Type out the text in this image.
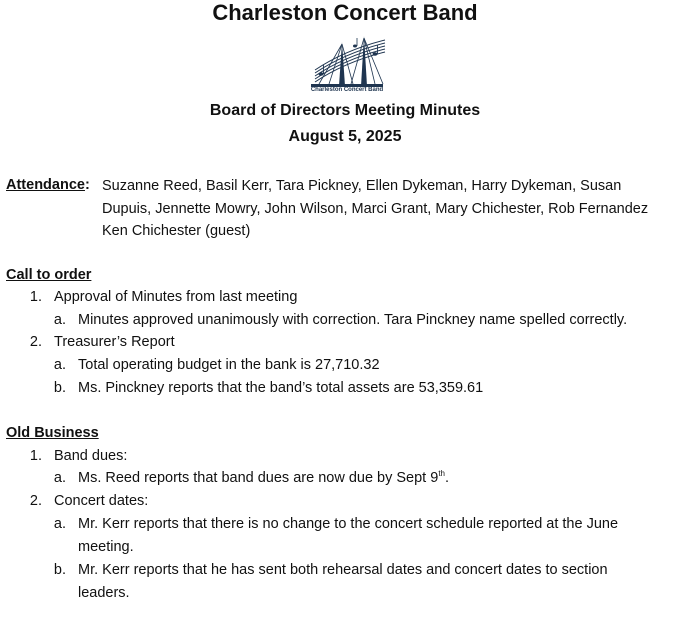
Charleston Concert Band
Charleston Concert Band
Board of Directors Meeting Minutes
August 5, 2025
Attendance: Suzanne Reed, Basil Kerr, Tara Pickney, Ellen Dykeman, Harry Dykeman, Susan
Dupuis, Jennette Mowry, John Wilson, Marci Grant, Mary Chichester, Rob Fernandez
Ken Chichester (guest)
Call to order
1. Approval of Minutes from last meeting
a. Minutes approved unanimously with correction. Tara Pinckney name spelled correctly.
2. Treasurer’s Report
a. Total operating budget in the bank is 27,710.32
b. Ms. Pinckney reports that the band’s total assets are 53,359.61
Old Business
1. Band dues:
a. Ms. Reed reports that band dues are now due by Sept 9th.
2. Concert dates:
a. Mr. Kerr reports that there is no change to the concert schedule reported at the June
meeting.
b. Mr. Kerr reports that he has sent both rehearsal dates and concert dates to section
leaders.
